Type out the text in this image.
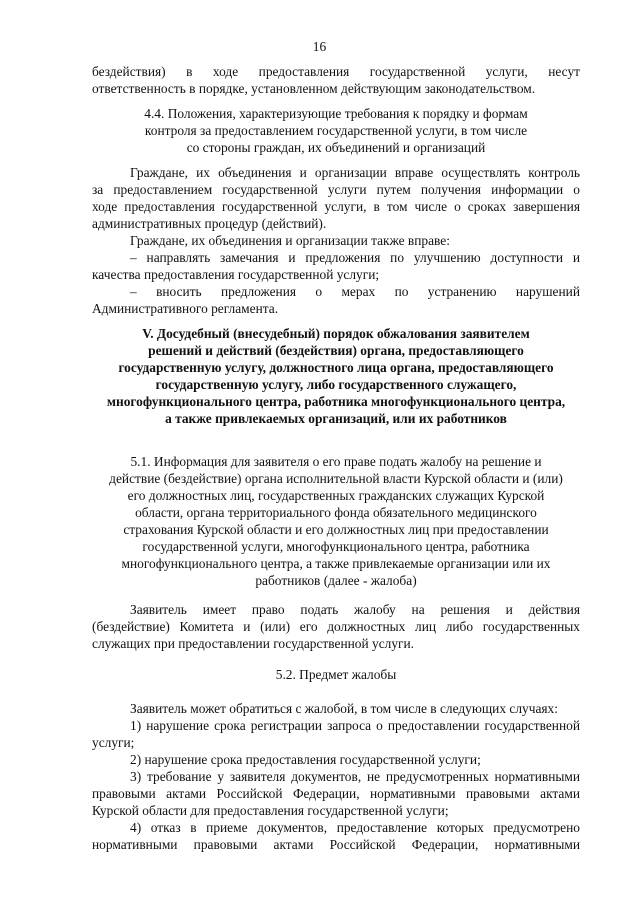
16
бездействия) в ходе предоставления государственной услуги, несут
ответственность в порядке, установленном действующим законодательством.
4.4. Положения, характеризующие требования к порядку и формам
контроля за предоставлением государственной услуги, в том числе
со стороны граждан, их объединений и организаций
Граждане, их объединения и организации вправе осуществлять контроль
за предоставлением государственной услуги путем получения информации о
ходе предоставления государственной услуги, в том числе о сроках завершения
административных процедур (действий).
Граждане, их объединения и организации также вправе:
– направлять замечания и предложения по улучшению доступности и
качества предоставления государственной услуги;
– вносить предложения о мерах по устранению нарушений
Административного регламента.
V. Досудебный (внесудебный) порядок обжалования заявителем
решений и действий (бездействия) органа, предоставляющего
государственную услугу, должностного лица органа, предоставляющего
государственную услугу, либо государственного служащего,
многофункционального центра, работника многофункционального центра,
а также привлекаемых организаций, или их работников
5.1. Информация для заявителя о его праве подать жалобу на решение и
действие (бездействие) органа исполнительной власти Курской области и (или)
его должностных лиц, государственных гражданских служащих Курской
области, органа территориального фонда обязательного медицинского
страхования Курской области и его должностных лиц при предоставлении
государственной услуги, многофункционального центра, работника
многофункционального центра, а также привлекаемые организации или их
работников (далее - жалоба)
Заявитель имеет право подать жалобу на решения и действия
(бездействие) Комитета и (или) его должностных лиц либо государственных
служащих при предоставлении государственной услуги.
5.2. Предмет жалобы
Заявитель может обратиться с жалобой, в том числе в следующих случаях:
1) нарушение срока регистрации запроса о предоставлении государственной
услуги;
2) нарушение срока предоставления государственной услуги;
3) требование у заявителя документов, не предусмотренных нормативными
правовыми актами Российской Федерации, нормативными правовыми актами
Курской области для предоставления государственной услуги;
4) отказ в приеме документов, предоставление которых предусмотрено
нормативными правовыми актами Российской Федерации, нормативными
